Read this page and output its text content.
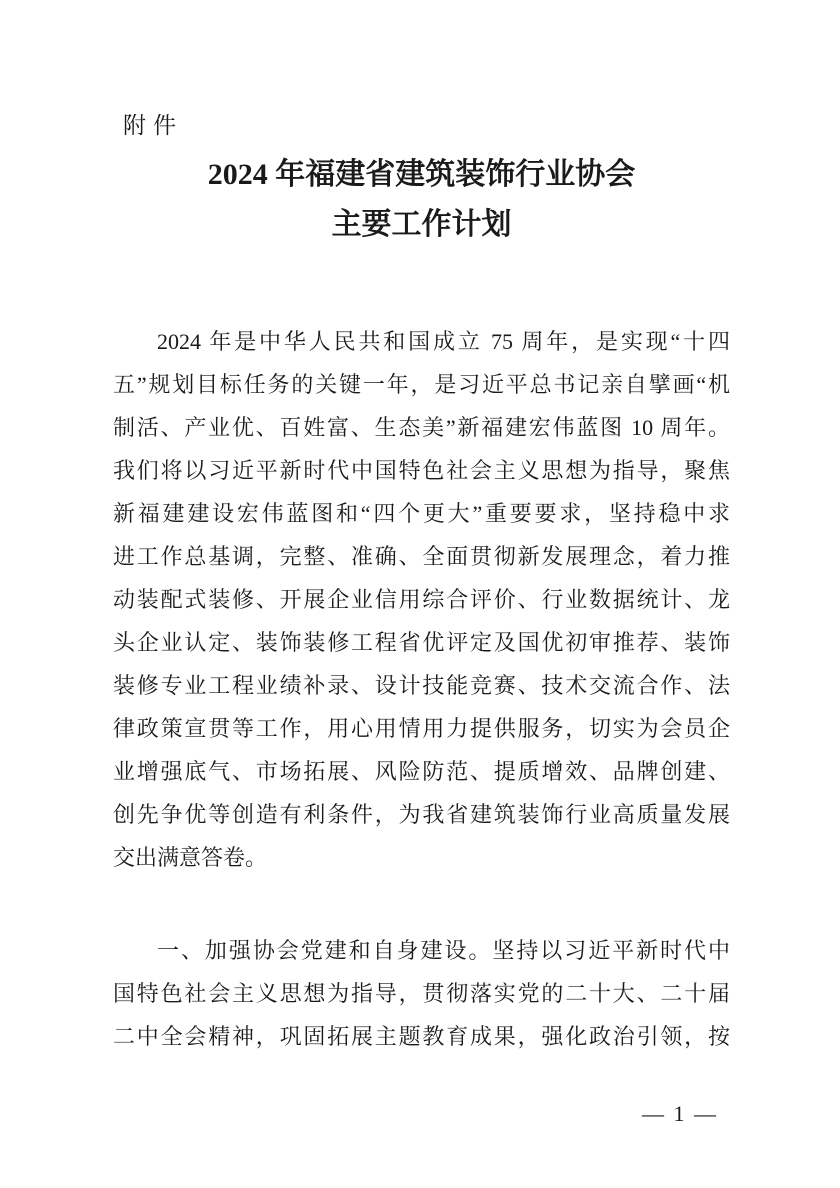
附件
2024 年福建省建筑装饰行业协会
主要工作计划
2024 年是中华人民共和国成立 75 周年，是实现“十四
五”规划目标任务的关键一年，是习近平总书记亲自擘画“机
制活、产业优、百姓富、生态美”新福建宏伟蓝图 10 周年。
我们将以习近平新时代中国特色社会主义思想为指导，聚焦
新福建建设宏伟蓝图和“四个更大”重要要求，坚持稳中求
进工作总基调，完整、准确、全面贯彻新发展理念，着力推
动装配式装修、开展企业信用综合评价、行业数据统计、龙
头企业认定、装饰装修工程省优评定及国优初审推荐、装饰
装修专业工程业绩补录、设计技能竞赛、技术交流合作、法
律政策宣贯等工作，用心用情用力提供服务，切实为会员企
业增强底气、市场拓展、风险防范、提质增效、品牌创建、
创先争优等创造有利条件，为我省建筑装饰行业高质量发展
交出满意答卷。
一、加强协会党建和自身建设。坚持以习近平新时代中
国特色社会主义思想为指导，贯彻落实党的二十大、二十届
二中全会精神，巩固拓展主题教育成果，强化政治引领，按
— 1 —
